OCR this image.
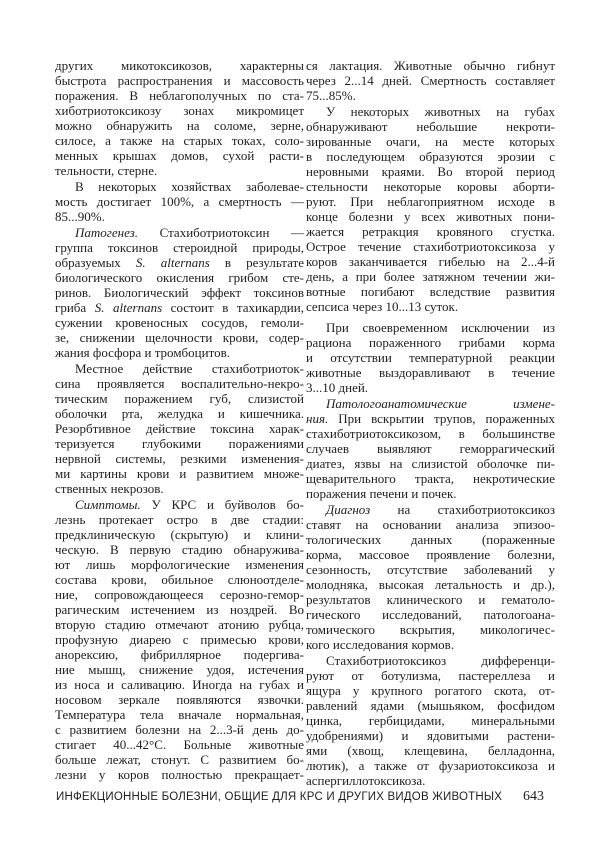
других микотоксикозов, характерны
быстрота распространения и массовость
поражения. В неблагополучных по ста-
хиботриотоксикозу зонах микромицет
можно обнаружить на соломе, зерне,
силосе, а также на старых токах, соло-
менных крышах домов, сухой расти-
тельности, стерне.
В некоторых хозяйствах заболевае-
мость достигает 100%, а смертность —
85...90%.
Патогенез. Стахиботриотоксин —
группа токсинов стероидной природы,
образуемых S. alternans в результате
биологического окисления грибом сте-
ринов. Биологический эффект токсинов
гриба S. alternans состоит в тахикардии,
сужении кровеносных сосудов, гемоли-
зе, снижении щелочности крови, содер-
жания фосфора и тромбоцитов.
Местное действие стахиботриоток-
сина проявляется воспалительно-некро-
тическим поражением губ, слизистой
оболочки рта, желудка и кишечника.
Резорбтивное действие токсина харак-
теризуется глубокими поражениями
нервной системы, резкими изменения-
ми картины крови и развитием множе-
ственных некрозов.
Симптомы. У КРС и буйволов бо-
лезнь протекает остро в две стадии:
предклиническую (скрытую) и клини-
ческую. В первую стадию обнаружива-
ют лишь морфологические изменения
состава крови, обильное слюноотделе-
ние, сопровождающееся серозно-гемор-
рагическим истечением из ноздрей. Во
вторую стадию отмечают атонию рубца,
профузную диарею с примесью крови,
анорексию, фибриллярное подергива-
ние мышц, снижение удоя, истечения
из носа и саливацию. Иногда на губах и
носовом зеркале появляются язвочки.
Температура тела вначале нормальная,
с развитием болезни на 2...3-й день до-
стигает 40...42°С. Больные животные
больше лежат, стонут. С развитием бо-
лезни у коров полностью прекращает-
ся лактация. Животные обычно гибнут
через 2...14 дней. Смертность составляет
75...85%.
У некоторых животных на губах
обнаруживают небольшие некроти-
зированные очаги, на месте которых
в последующем образуются эрозии с
неровными краями. Во второй период
стельности некоторые коровы аборти-
руют. При неблагоприятном исходе в
конце болезни у всех животных пони-
жается ретракция кровяного сгустка.
Острое течение стахиботриотоксикоза у
коров заканчивается гибелью на 2...4-й
день, а при более затяжном течении жи-
вотные погибают вследствие развития
сепсиса через 10...13 суток.
При своевременном исключении из
рациона пораженного грибами корма
и отсутствии температурной реакции
животные выздоравливают в течение
3...10 дней.
Патологоанатомические измене-
ния. При вскрытии трупов, пораженных
стахиботриотоксикозом, в большинстве
случаев выявляют геморрагический
диатез, язвы на слизистой оболочке пи-
щеварительного тракта, некротические
поражения печени и почек.
Диагноз на стахиботриотоксикоз
ставят на основании анализа эпизоо-
тологических данных (пораженные
корма, массовое проявление болезни,
сезонность, отсутствие заболеваний у
молодняка, высокая летальность и др.),
результатов клинического и гематоло-
гического исследований, патологоана-
томического вскрытия, микологичес-
кого исследования кормов.
Стахиботриотоксикоз дифференци-
руют от ботулизма, пастереллеза и
ящура у крупного рогатого скота, от-
равлений ядами (мышьяком, фосфидом
цинка, гербицидами, минеральными
удобрениями) и ядовитыми растени-
ями (хвощ, клещевина, белладонна,
лютик), а также от фузариотоксикоза и
аспергиллотоксикоза.
ИНФЕКЦИОННЫЕ БОЛЕЗНИ, ОБЩИЕ ДЛЯ КРС И ДРУГИХ ВИДОВ ЖИВОТНЫХ 643
